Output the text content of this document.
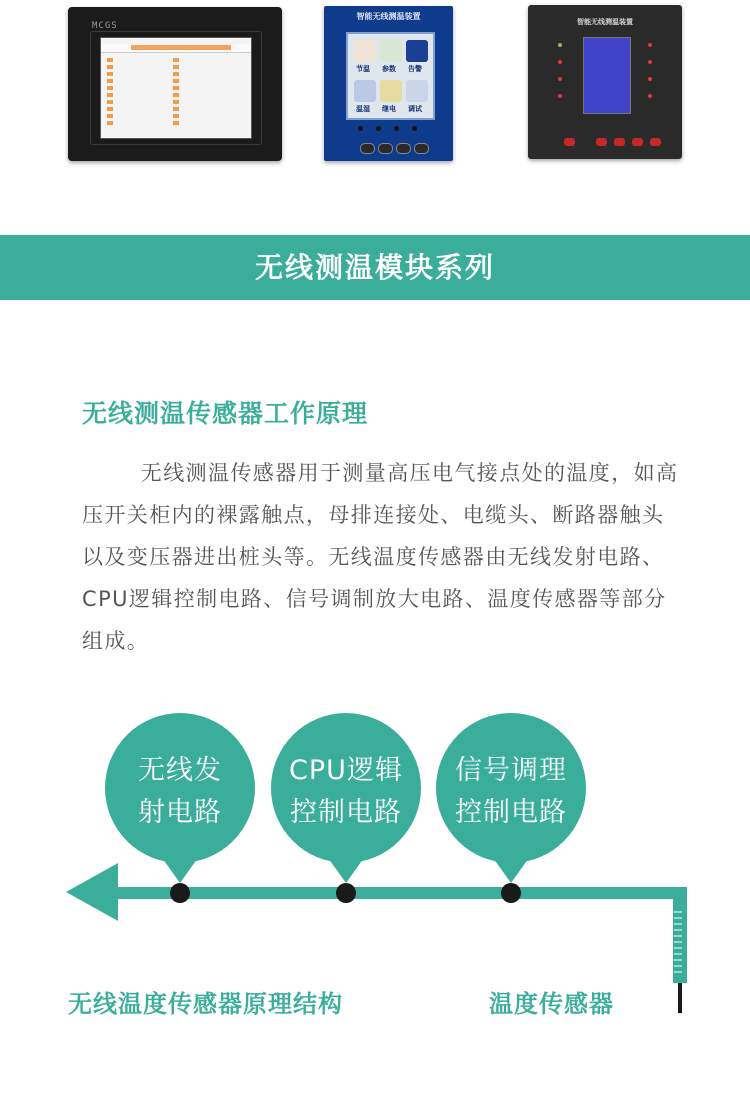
MCGS
智能无线测温装置
节温 参数 告警
温湿 继电 调试
智能无线测温装置
无线测温模块系列
无线测温传感器工作原理
无线测温传感器用于测量高压电气接点处的温度，如高压开关柜内的裸露触点，母排连接处、电缆头、断路器触头以及变压器进出桩头等。无线温度传感器由无线发射电路、CPU逻辑控制电路、信号调制放大电路、温度传感器等部分组成。
无线发
射电路
CPU逻辑
控制电路
信号调理
控制电路
无线温度传感器原理结构	温度传感器
